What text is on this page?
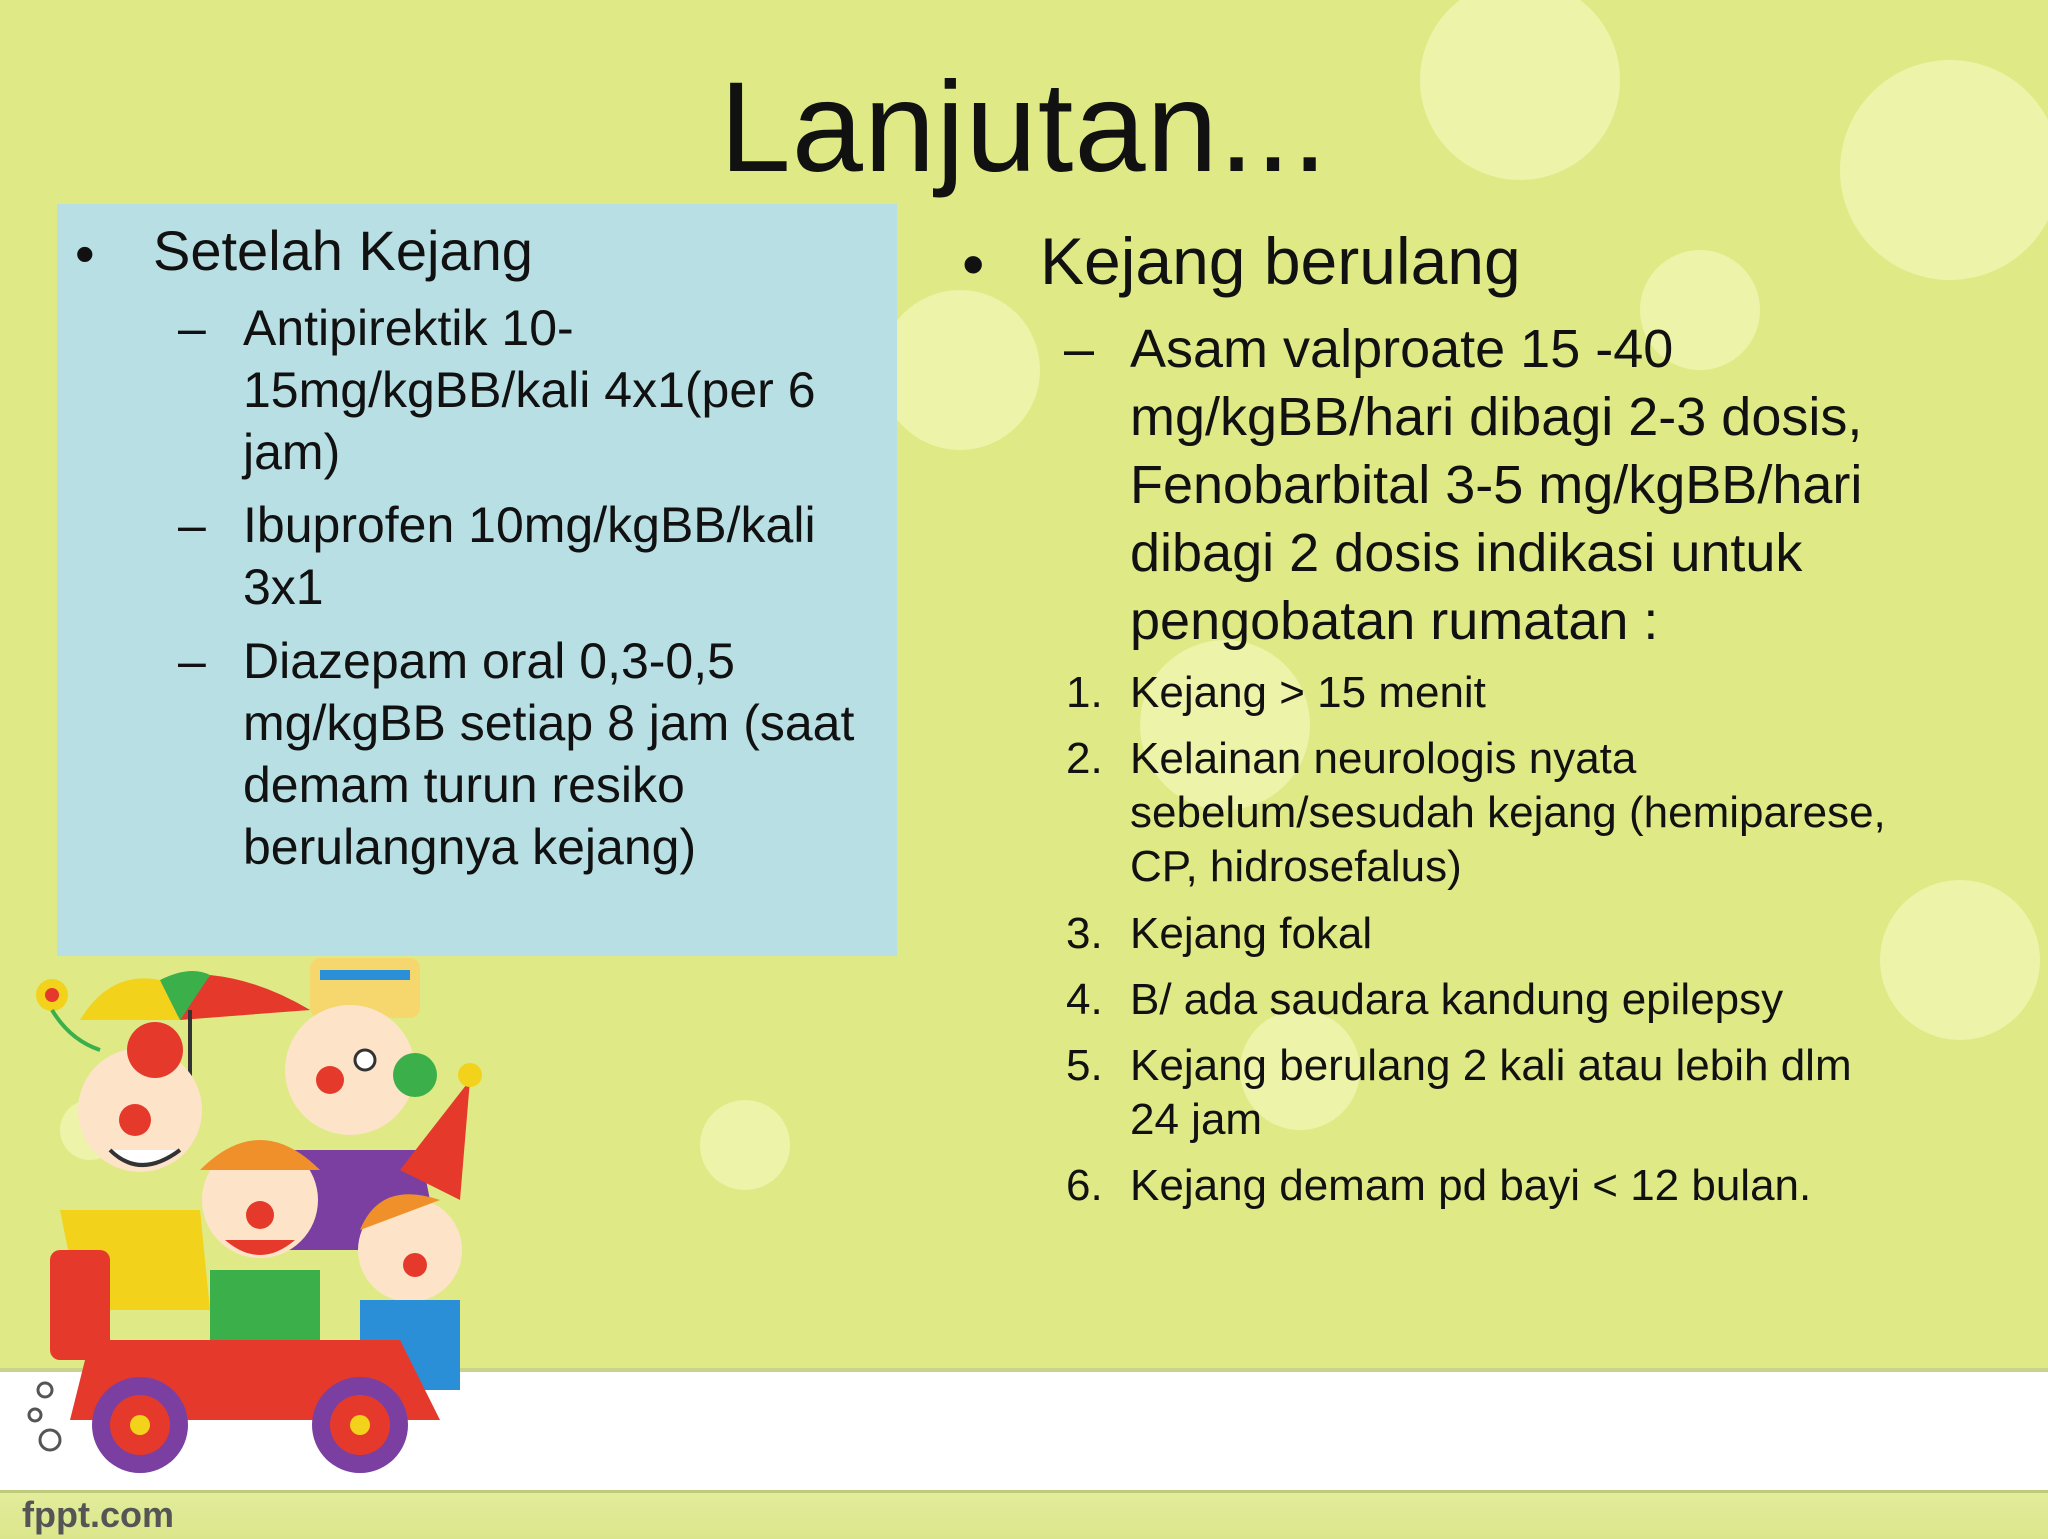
Lanjutan...
• Setelah Kejang
– Antipirektik 10-
15mg/kgBB/kali 4x1(per 6
jam)
– Ibuprofen 10mg/kgBB/kali
3x1
– Diazepam oral 0,3-0,5
mg/kgBB setiap 8 jam (saat
demam turun resiko
berulangnya kejang)
• Kejang berulang
– Asam valproate 15 -40
mg/kgBB/hari dibagi 2-3 dosis,
Fenobarbital 3-5 mg/kgBB/hari
dibagi 2 dosis indikasi untuk
pengobatan rumatan :
1. Kejang > 15 menit
2. Kelainan neurologis nyata
sebelum/sesudah kejang (hemiparese,
CP, hidrosefalus)
3. Kejang fokal
4. B/ ada saudara kandung epilepsy
5. Kejang berulang 2 kali atau lebih dlm
24 jam
6. Kejang demam pd bayi < 12 bulan.
fppt.com
